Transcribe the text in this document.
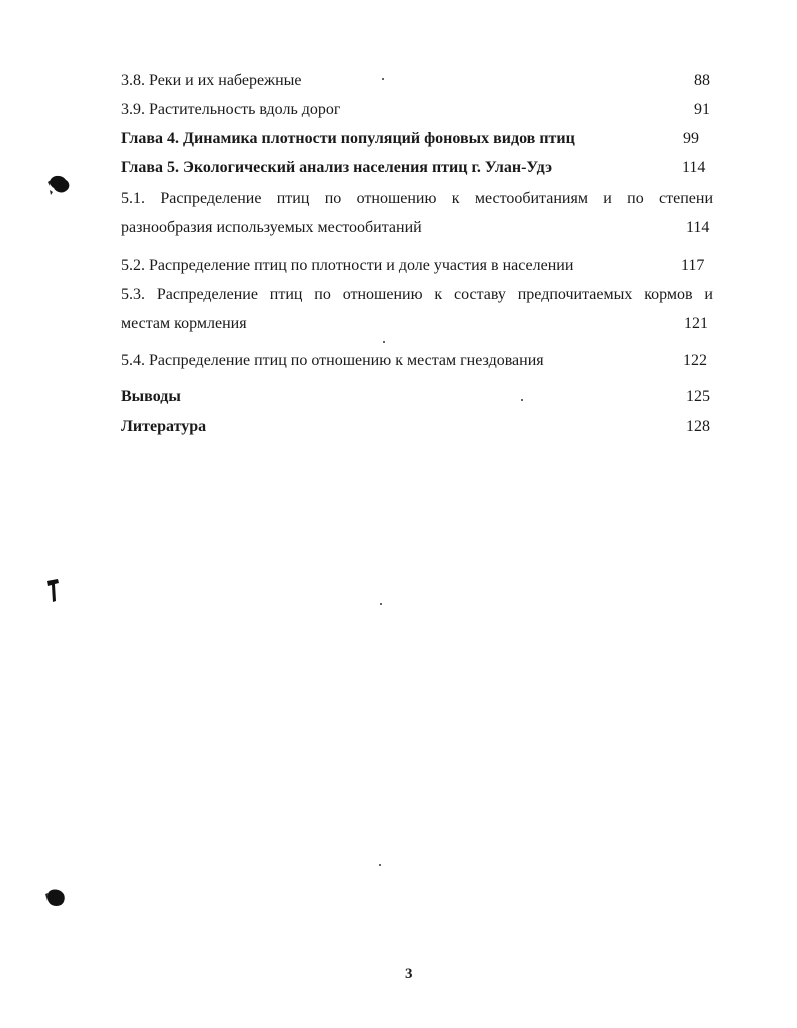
3.8. Реки и их набережные	88
3.9. Растительность вдоль дорог	91
Глава 4. Динамика плотности популяций фоновых видов птиц	99
Глава 5. Экологический анализ населения птиц г. Улан-Удэ	114
5.1. Распределение птиц по отношению к местообитаниям и по степени
разнообразия используемых местообитаний	114
5.2. Распределение птиц по плотности и доле участия в населении	117
5.3. Распределение птиц по отношению к составу предпочитаемых кормов и
местам кормления	121
5.4. Распределение птиц по отношению к местам гнездования	122
Выводы	125
Литература	128
3
